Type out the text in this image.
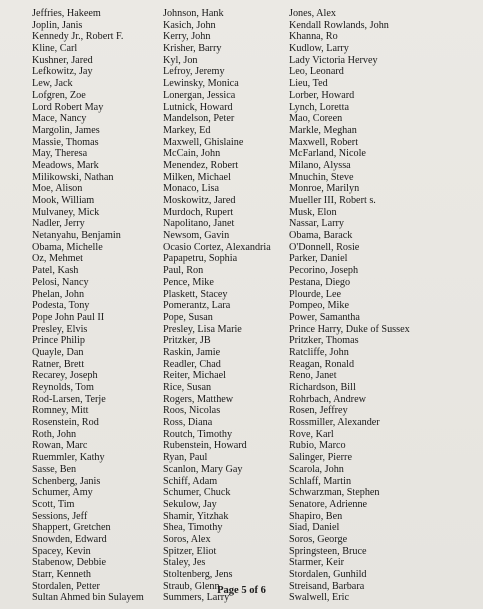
Jeffries, Hakeem
Joplin, Janis
Kennedy Jr., Robert F.
Kline, Carl
Kushner, Jared
Lefkowitz, Jay
Lew, Jack
Lofgren, Zoe
Lord Robert May
Mace, Nancy
Margolin, James
Massie, Thomas
May, Theresa
Meadows, Mark
Milikowski, Nathan
Moe, Alison
Mook, William
Mulvaney, Mick
Nadler, Jerry
Netanyahu, Benjamin
Obama, Michelle
Oz, Mehmet
Patel, Kash
Pelosi, Nancy
Phelan, John
Podesta, Tony
Pope John Paul II
Presley, Elvis
Prince Philip
Quayle, Dan
Ratner, Brett
Recarey, Joseph
Reynolds, Tom
Rod-Larsen, Terje
Romney, Mitt
Rosenstein, Rod
Roth, John
Rowan, Marc
Ruemmler, Kathy
Sasse, Ben
Schenberg, Janis
Schumer, Amy
Scott, Tim
Sessions, Jeff
Shappert, Gretchen
Snowden, Edward
Spacey, Kevin
Stabenow, Debbie
Starr, Kenneth
Stordalen, Petter
Sultan Ahmed bin Sulayem
Johnson, Hank
Kasich, John
Kerry, John
Krisher, Barry
Kyl, Jon
Lefroy, Jeremy
Lewinsky, Monica
Lonergan, Jessica
Lutnick, Howard
Mandelson, Peter
Markey, Ed
Maxwell, Ghislaine
McCain, John
Menendez, Robert
Milken, Michael
Monaco, Lisa
Moskowitz, Jared
Murdoch, Rupert
Napolitano, Janet
Newsom, Gavin
Ocasio Cortez, Alexandria
Papapetru, Sophia
Paul, Ron
Pence, Mike
Plaskett, Stacey
Pomerantz, Lara
Pope, Susan
Presley, Lisa Marie
Pritzker, JB
Raskin, Jamie
Readler, Chad
Reiter, Michael
Rice, Susan
Rogers, Matthew
Roos, Nicolas
Ross, Diana
Routch, Timothy
Rubenstein, Howard
Ryan, Paul
Scanlon, Mary Gay
Schiff, Adam
Schumer, Chuck
Sekulow, Jay
Shamir, Yitzhak
Shea, Timothy
Soros, Alex
Spitzer, Eliot
Staley, Jes
Stoltenberg, Jens
Straub, Glenn
Summers, Larry
Jones, Alex
Kendall Rowlands, John
Khanna, Ro
Kudlow, Larry
Lady Victoria Hervey
Leo, Leonard
Lieu, Ted
Lorber, Howard
Lynch, Loretta
Mao, Coreen
Markle, Meghan
Maxwell, Robert
McFarland, Nicole
Milano, Alyssa
Mnuchin, Steve
Monroe, Marilyn
Mueller III, Robert s.
Musk, Elon
Nassar, Larry
Obama, Barack
O'Donnell, Rosie
Parker, Daniel
Pecorino, Joseph
Pestana, Diego
Plourde, Lee
Pompeo, Mike
Power, Samantha
Prince Harry, Duke of Sussex
Pritzker, Thomas
Ratcliffe, John
Reagan, Ronald
Reno, Janet
Richardson, Bill
Rohrbach, Andrew
Rosen, Jeffrey
Rossmiller, Alexander
Rove, Karl
Rubio, Marco
Salinger, Pierre
Scarola, John
Schlaff, Martin
Schwarzman, Stephen
Senatore, Adrienne
Shapiro, Ben
Siad, Daniel
Soros, George
Springsteen, Bruce
Starmer, Keir
Stordalen, Gunhild
Streisand, Barbara
Swalwell, Eric
Page 5 of 6
